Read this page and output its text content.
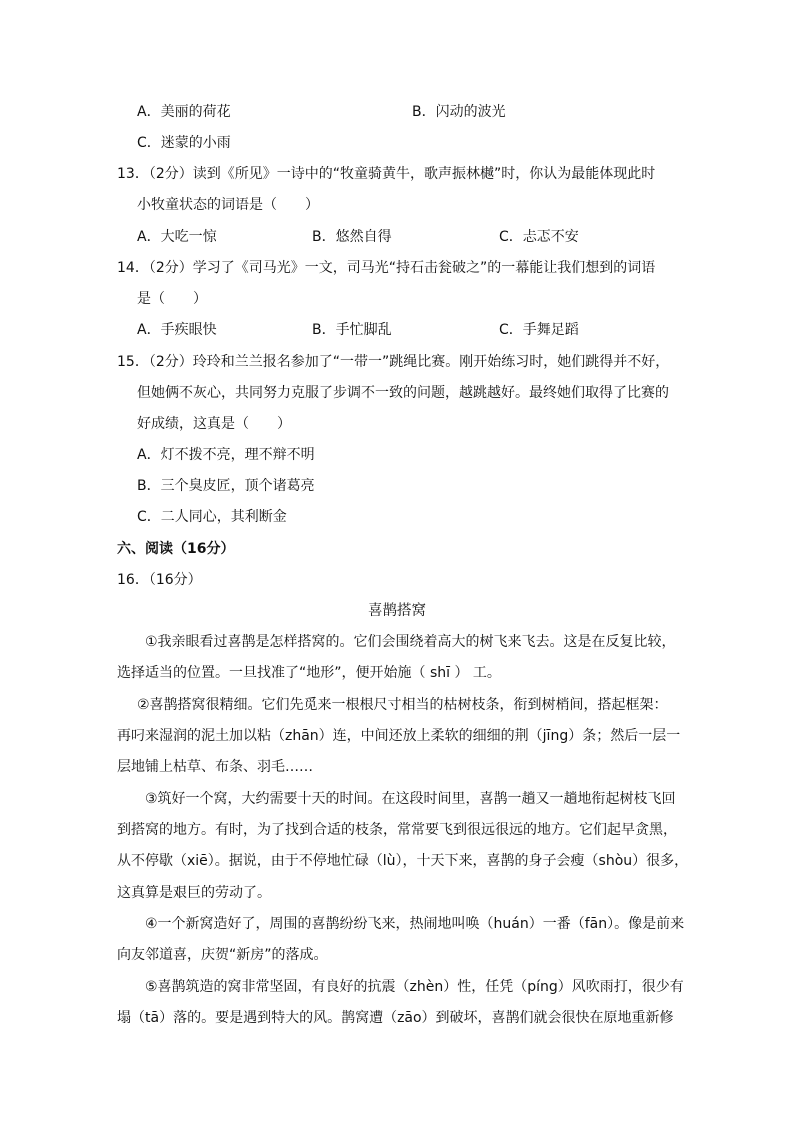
A．美丽的荷花	B．闪动的波光
C．迷蒙的小雨
13．（2分）读到《所见》一诗中的“牧童骑黄牛，歌声振林樾”时，你认为最能体现此时
小牧童状态的词语是（　　）
A．大吃一惊	B．悠然自得	C．忐忑不安
14．（2分）学习了《司马光》一文，司马光“持石击瓮破之”的一幕能让我们想到的词语
是（　　）
A．手疾眼快	B．手忙脚乱	C．手舞足蹈
15．（2分）玲玲和兰兰报名参加了“一带一”跳绳比赛。刚开始练习时，她们跳得并不好，
但她俩不灰心，共同努力克服了步调不一致的问题，越跳越好。最终她们取得了比赛的
好成绩，这真是（　　）
A．灯不拨不亮，理不辩不明
B．三个臭皮匠，顶个诸葛亮
C．二人同心，其利断金
六、阅读（16分）
16．（16分）
喜鹊搭窝
①我亲眼看过喜鹊是怎样搭窝的。它们会围绕着高大的树飞来飞去。这是在反复比较，
选择适当的位置。一旦找准了“地形”，便开始施（ shī ） 工。
②喜鹊搭窝很精细。它们先觅来一根根尺寸相当的枯树枝条，衔到树梢间，搭起框架：
再叼来湿润的泥土加以粘（zhān）连，中间还放上柔软的细细的荆（jīng）条；然后一层一
层地铺上枯草、布条、羽毛……
③筑好一个窝，大约需要十天的时间。在这段时间里，喜鹊一趟又一趟地衔起树枝飞回
到搭窝的地方。有时，为了找到合适的枝条，常常要飞到很远很远的地方。它们起早贪黑，
从不停歇（xiē）。据说，由于不停地忙碌（lù），十天下来，喜鹊的身子会瘦（shòu）很多，
这真算是艰巨的劳动了。
④一个新窝造好了，周围的喜鹊纷纷飞来，热闹地叫唤（huán）一番（fān）。像是前来
向友邻道喜，庆贺“新房”的落成。
⑤喜鹊筑造的窝非常坚固，有良好的抗震（zhèn）性，任凭（píng）风吹雨打，很少有
塌（tā）落的。要是遇到特大的风。鹊窝遭（zāo）到破坏，喜鹊们就会很快在原地重新修
